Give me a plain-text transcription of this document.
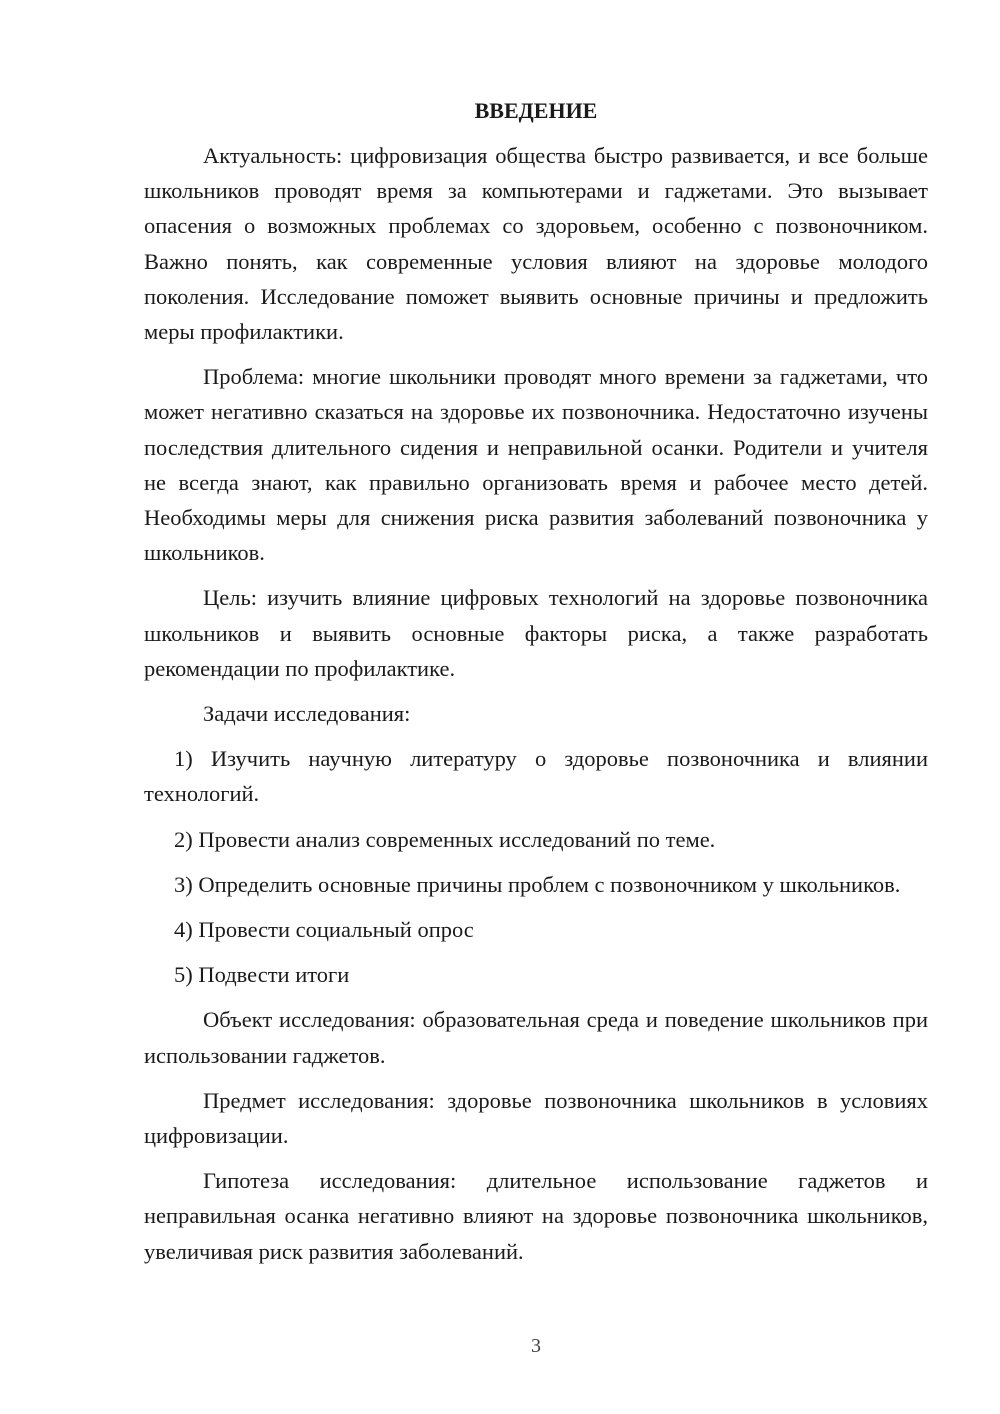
ВВЕДЕНИЕ

Актуальность: цифровизация общества быстро развивается, и все больше школьников проводят время за компьютерами и гаджетами. Это вызывает опасения о возможных проблемах со здоровьем, особенно с позвоночником. Важно понять, как современные условия влияют на здоровье молодого поколения. Исследование поможет выявить основные причины и предложить меры профилактики.

Проблема: многие школьники проводят много времени за гаджетами, что может негативно сказаться на здоровье их позвоночника. Недостаточно изучены последствия длительного сидения и неправильной осанки. Родители и учителя не всегда знают, как правильно организовать время и рабочее место детей. Необходимы меры для снижения риска развития заболеваний позвоночника у школьников.

Цель: изучить влияние цифровых технологий на здоровье позвоночника школьников и выявить основные факторы риска, а также разработать рекомендации по профилактике.

Задачи исследования:

1) Изучить научную литературу о здоровье позвоночника и влиянии технологий.

2) Провести анализ современных исследований по теме.

3) Определить основные причины проблем с позвоночником у школьников.

4) Провести социальный опрос

5) Подвести итоги

Объект исследования: образовательная среда и поведение школьников при использовании гаджетов.

Предмет исследования: здоровье позвоночника школьников в условиях цифровизации.

Гипотеза исследования: длительное использование гаджетов и неправильная осанка негативно влияют на здоровье позвоночника школьников, увеличивая риск развития заболеваний.

3
